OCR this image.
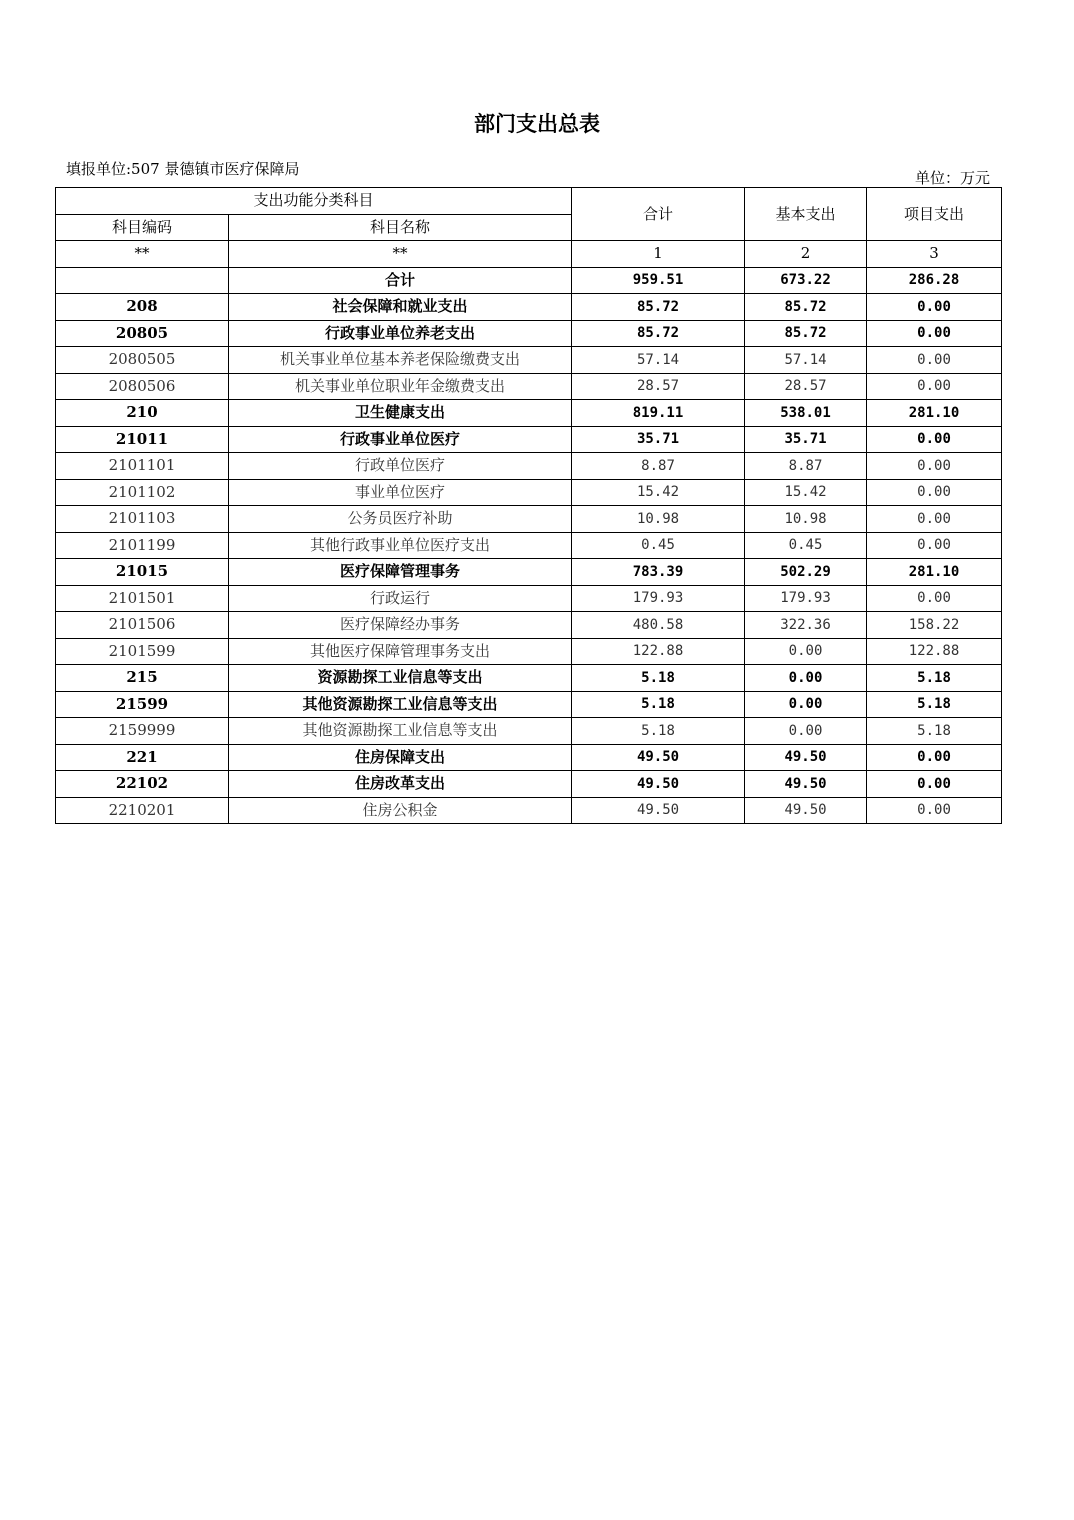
部门支出总表
填报单位:507 景德镇市医疗保障局	单位：万元
支出功能分类科目		合计	基本支出	项目支出
科目编码	科目名称			
**	**	1	2	3
	合计	959.51	673.22	286.28
208	社会保障和就业支出	85.72	85.72	0.00
20805	行政事业单位养老支出	85.72	85.72	0.00
2080505	机关事业单位基本养老保险缴费支出	57.14	57.14	0.00
2080506	机关事业单位职业年金缴费支出	28.57	28.57	0.00
210	卫生健康支出	819.11	538.01	281.10
21011	行政事业单位医疗	35.71	35.71	0.00
2101101	行政单位医疗	8.87	8.87	0.00
2101102	事业单位医疗	15.42	15.42	0.00
2101103	公务员医疗补助	10.98	10.98	0.00
2101199	其他行政事业单位医疗支出	0.45	0.45	0.00
21015	医疗保障管理事务	783.39	502.29	281.10
2101501	行政运行	179.93	179.93	0.00
2101506	医疗保障经办事务	480.58	322.36	158.22
2101599	其他医疗保障管理事务支出	122.88	0.00	122.88
215	资源勘探工业信息等支出	5.18	0.00	5.18
21599	其他资源勘探工业信息等支出	5.18	0.00	5.18
2159999	其他资源勘探工业信息等支出	5.18	0.00	5.18
221	住房保障支出	49.50	49.50	0.00
22102	住房改革支出	49.50	49.50	0.00
2210201	住房公积金	49.50	49.50	0.00
